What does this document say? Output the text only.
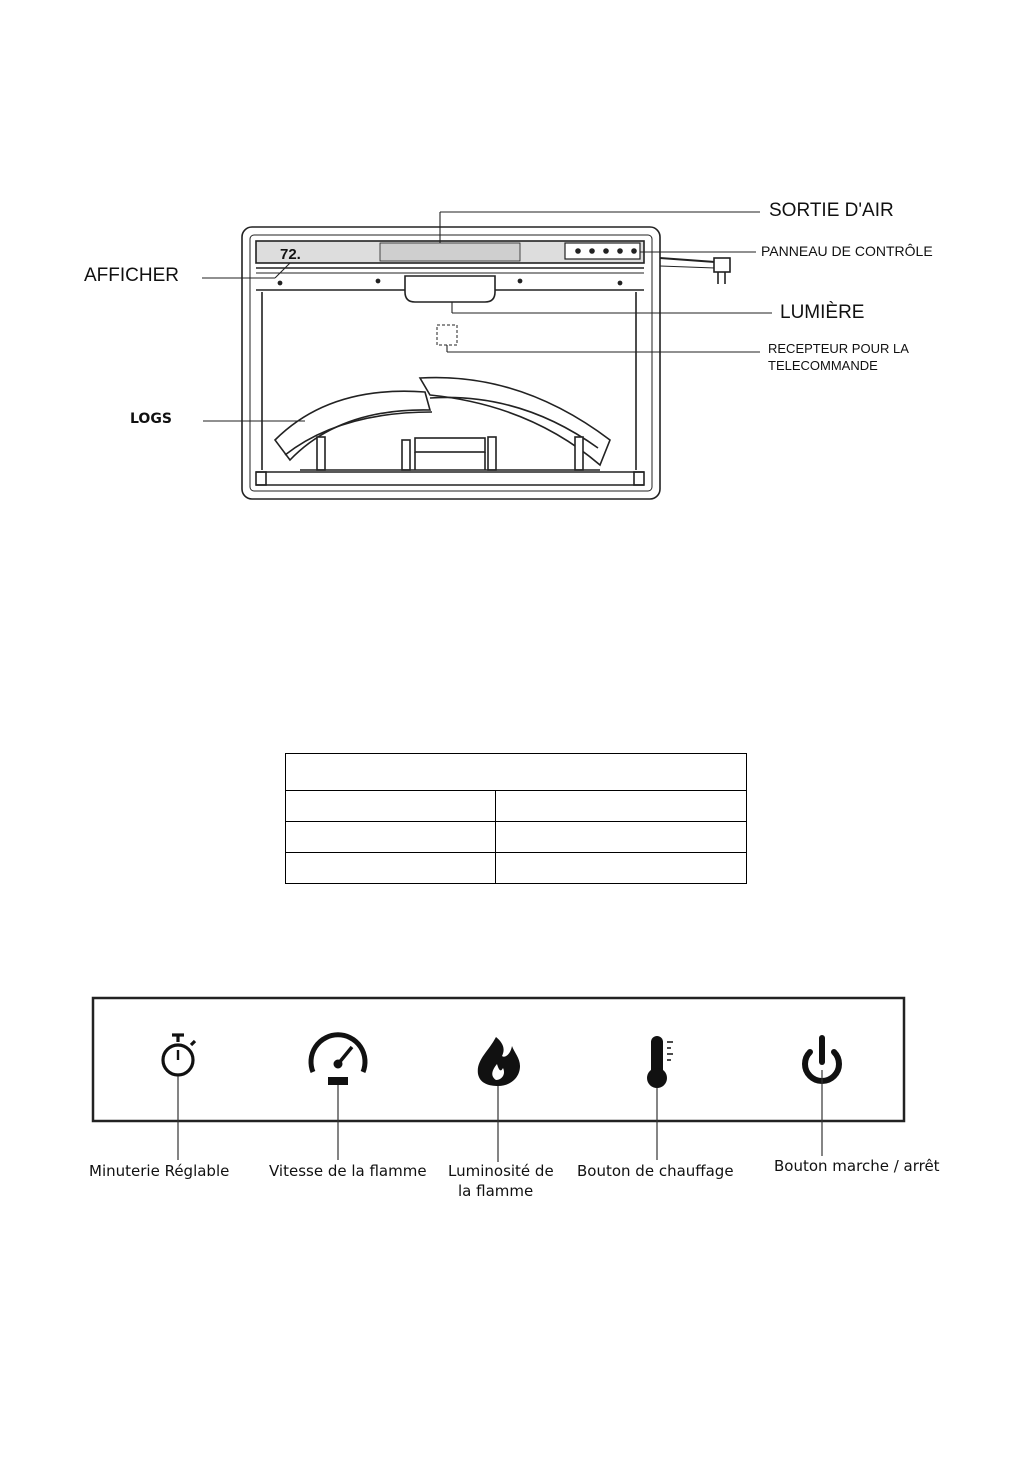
72.
SORTIE D'AIR
PANNEAU DE CONTRÔLE
AFFICHER
LUMIÈRE
RECEPTEUR POUR LA
TELECOMMANDE
LOGS

Minuterie Réglable	Vitesse de la flamme Luminosité de
la flamme
Bouton de chauffage	Bouton marche / arrêt
